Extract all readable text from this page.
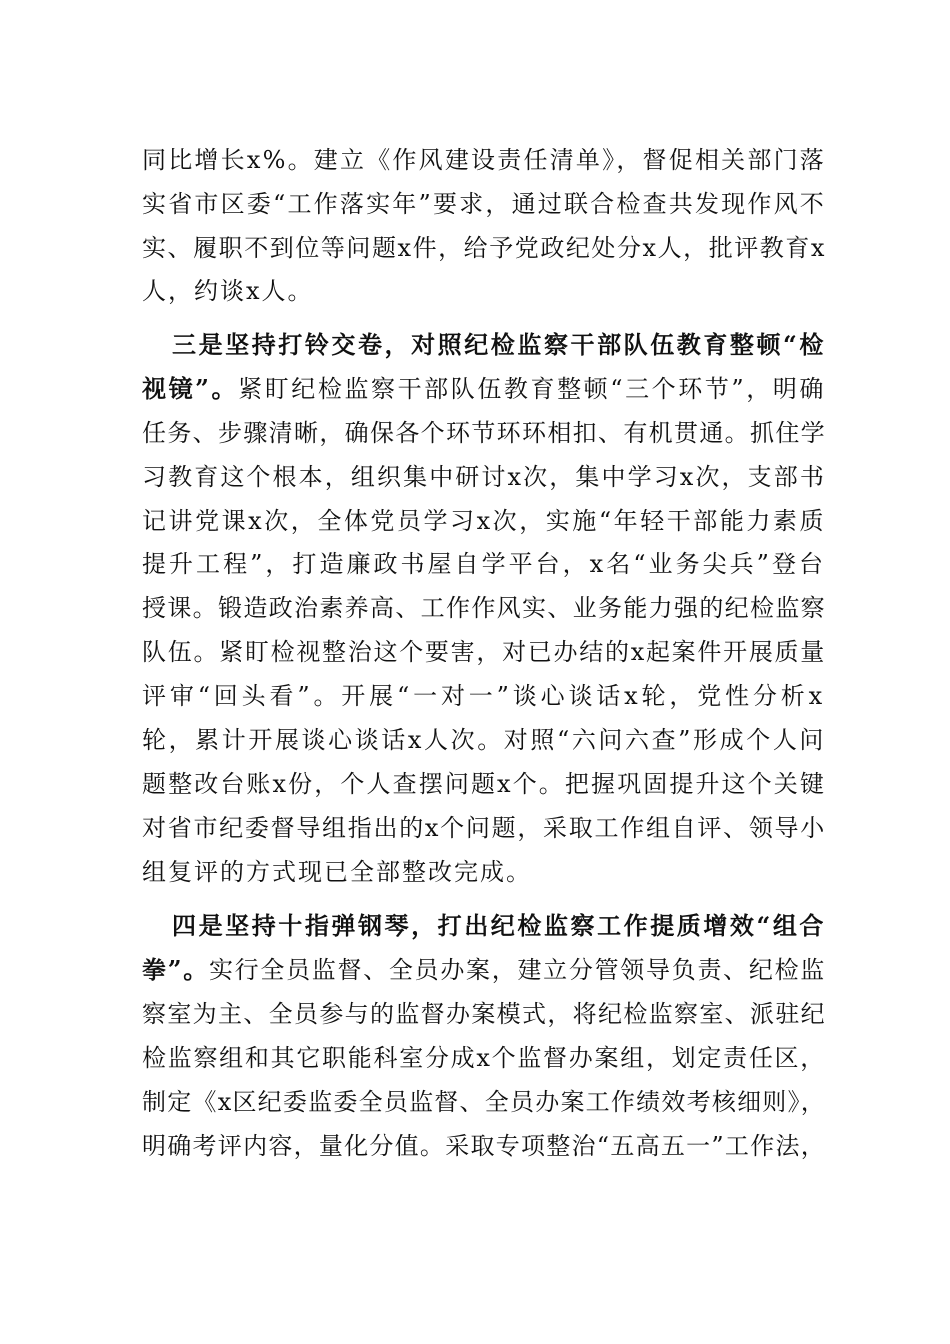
同比增长x%。建立《作风建设责任清单》，督促相关部门落
实省市区委“工作落实年”要求，通过联合检查共发现作风不
实、履职不到位等问题x件，给予党政纪处分x人，批评教育x
人，约谈x人。
三是坚持打铃交卷，对照纪检监察干部队伍教育整顿“检
视镜”。紧盯纪检监察干部队伍教育整顿“三个环节”，明确
任务、步骤清晰，确保各个环节环环相扣、有机贯通。抓住学
习教育这个根本，组织集中研讨x次，集中学习x次，支部书
记讲党课x次，全体党员学习x次，实施“年轻干部能力素质
提升工程”，打造廉政书屋自学平台，x名“业务尖兵”登台
授课。锻造政治素养高、工作作风实、业务能力强的纪检监察
队伍。紧盯检视整治这个要害，对已办结的x起案件开展质量
评审“回头看”。开展“一对一”谈心谈话x轮，党性分析x
轮，累计开展谈心谈话x人次。对照“六问六查”形成个人问
题整改台账x份，个人查摆问题x个。把握巩固提升这个关键
对省市纪委督导组指出的x个问题，采取工作组自评、领导小
组复评的方式现已全部整改完成。
四是坚持十指弹钢琴，打出纪检监察工作提质增效“组合
拳”。实行全员监督、全员办案，建立分管领导负责、纪检监
察室为主、全员参与的监督办案模式，将纪检监察室、派驻纪
检监察组和其它职能科室分成x个监督办案组，划定责任区，
制定《x区纪委监委全员监督、全员办案工作绩效考核细则》，
明确考评内容，量化分值。采取专项整治“五高五一”工作法，
